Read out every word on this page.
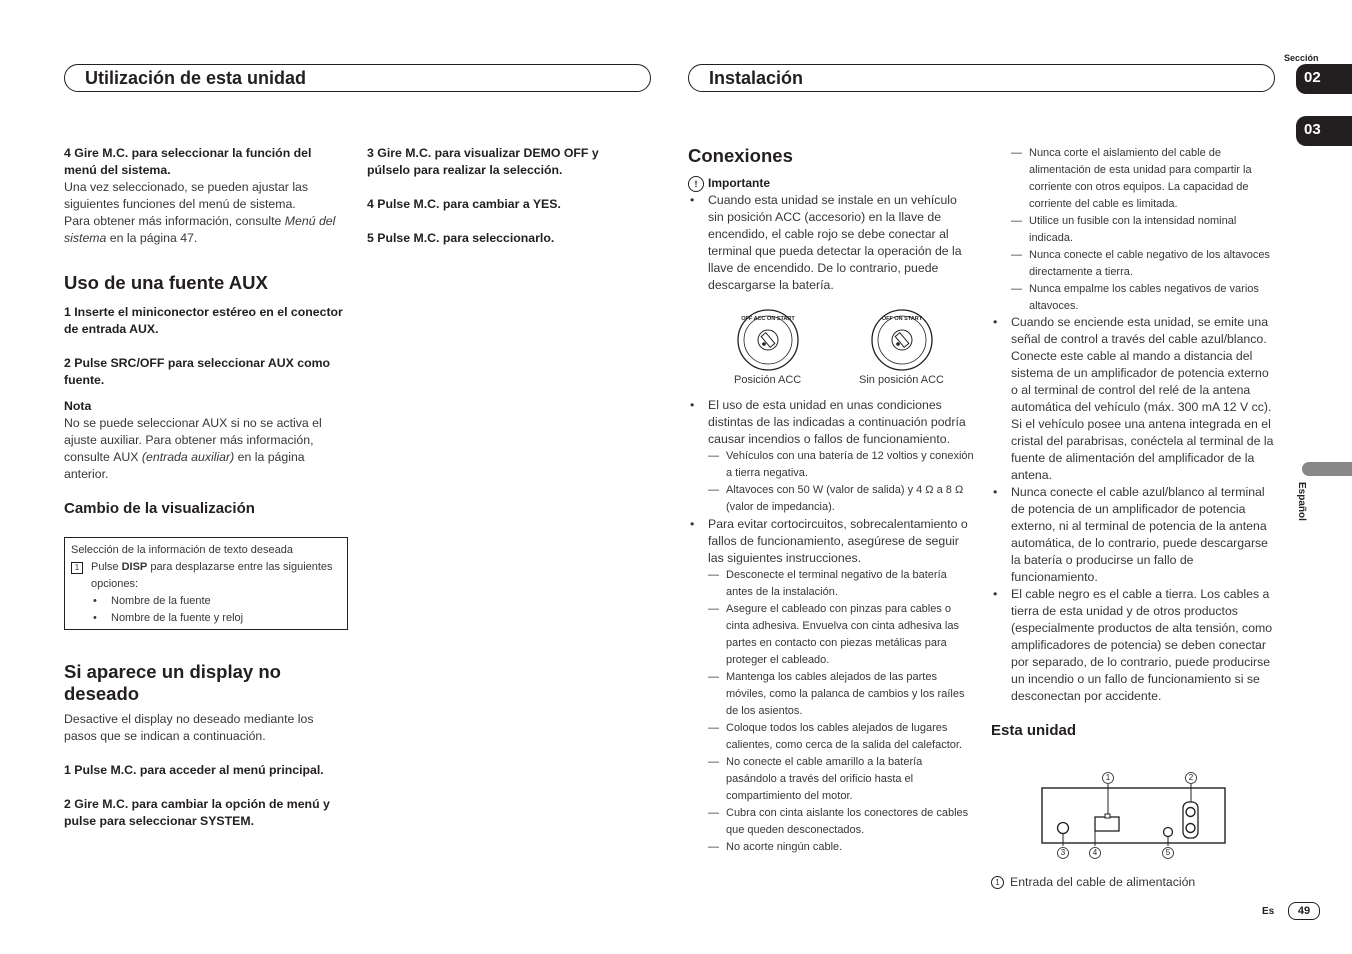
Sección
02
03
Español
Utilización de esta unidad	Instalación

4 Gire M.C. para seleccionar la función del menú del sistema.

Una vez seleccionado, se pueden ajustar las siguientes funciones del menú de sistema.

Para obtener más información, consulte Menú del sistema en la página 47.

Uso de una fuente AUX

1 Inserte el miniconector estéreo en el conector de entrada AUX.

2 Pulse SRC/OFF para seleccionar AUX como fuente.

Nota

No se puede seleccionar AUX si no se activa el ajuste auxiliar. Para obtener más información, consulte AUX (entrada auxiliar) en la página anterior.

Cambio de la visualización
Selección de la información de texto deseada
1	Pulse DISP para desplazarse entre las siguientes opciones:
• Nombre de la fuente
• Nombre de la fuente y reloj
Si aparece un display no deseado

Desactive el display no deseado mediante los pasos que se indican a continuación.

1 Pulse M.C. para acceder al menú principal.

2 Gire M.C. para cambiar la opción de menú y pulse para seleccionar SYSTEM.

3 Gire M.C. para visualizar DEMO OFF y púlselo para realizar la selección.

4 Pulse M.C. para cambiar a YES.

5 Pulse M.C. para seleccionarlo.

Conexiones

! Importante

• Cuando esta unidad se instale en un vehículo sin posición ACC (accesorio) en la llave de encendido, el cable rojo se debe conectar al terminal que pueda detectar la operación de la llave de encendido. De lo contrario, puede descargarse la batería.

OFF ACC ON START	OFF ON START
Posición ACC	Sin posición ACC

• El uso de esta unidad en unas condiciones distintas de las indicadas a continuación podría causar incendios o fallos de funcionamiento.

— Vehículos con una batería de 12 voltios y conexión a tierra negativa.

— Altavoces con 50 W (valor de salida) y 4 Ω a 8 Ω (valor de impedancia).

• Para evitar cortocircuitos, sobrecalentamiento o fallos de funcionamiento, asegúrese de seguir las siguientes instrucciones.

— Desconecte el terminal negativo de la batería antes de la instalación.

— Asegure el cableado con pinzas para cables o cinta adhesiva. Envuelva con cinta adhesiva las partes en contacto con piezas metálicas para proteger el cableado.

— Mantenga los cables alejados de las partes móviles, como la palanca de cambios y los raíles de los asientos.

— Coloque todos los cables alejados de lugares calientes, como cerca de la salida del calefactor.

— No conecte el cable amarillo a la batería pasándolo a través del orificio hasta el compartimiento del motor.

— Cubra con cinta aislante los conectores de cables que queden desconectados.

— No acorte ningún cable.

— Nunca corte el aislamiento del cable de alimentación de esta unidad para compartir la corriente con otros equipos. La capacidad de corriente del cable es limitada.

— Utilice un fusible con la intensidad nominal indicada.

— Nunca conecte el cable negativo de los altavoces directamente a tierra.

— Nunca empalme los cables negativos de varios altavoces.

• Cuando se enciende esta unidad, se emite una señal de control a través del cable azul/blanco. Conecte este cable al mando a distancia del sistema de un amplificador de potencia externo o al terminal de control del relé de la antena automática del vehículo (máx. 300 mA 12 V cc). Si el vehículo posee una antena integrada en el cristal del parabrisas, conéctela al terminal de la fuente de alimentación del amplificador de la antena.

• Nunca conecte el cable azul/blanco al terminal de potencia de un amplificador de potencia externo, ni al terminal de potencia de la antena automática, de lo contrario, puede descargarse la batería o producirse un fallo de funcionamiento.

• El cable negro es el cable a tierra. Los cables a tierra de esta unidad y de otros productos (especialmente productos de alta tensión, como amplificadores de potencia) se deben conectar por separado, de lo contrario, puede producirse un incendio o un fallo de funcionamiento si se desconectan por accidente.

Esta unidad
1	2
3	4	5
1 Entrada del cable de alimentación
Es	49
